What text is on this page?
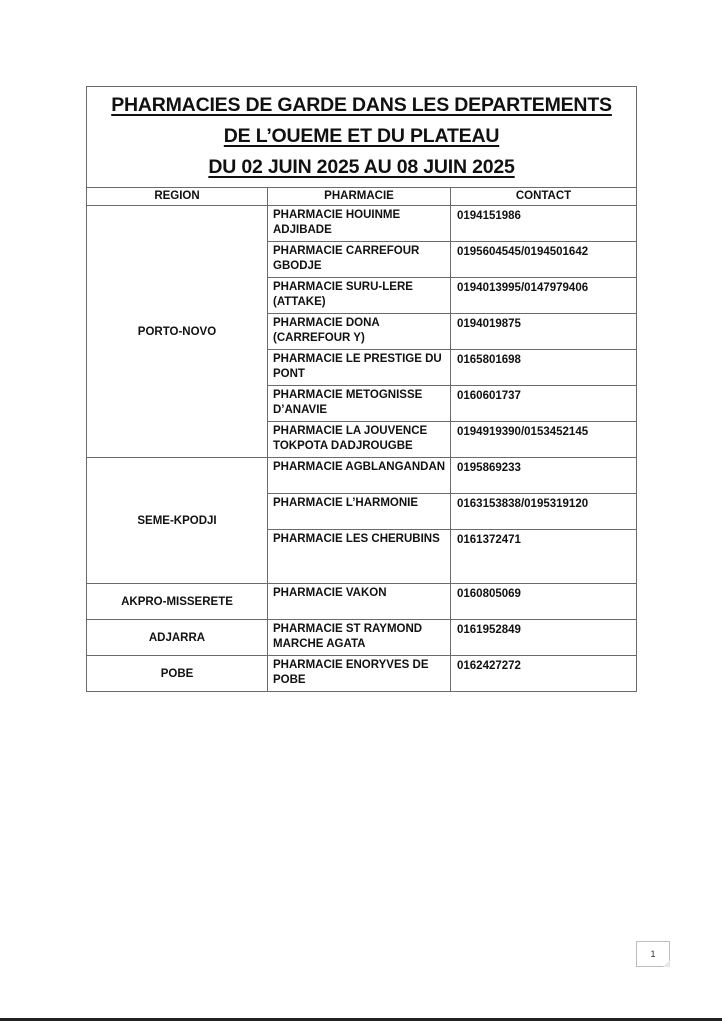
PHARMACIES DE GARDE DANS LES DEPARTEMENTS
DE L’OUEME ET DU PLATEAU
DU 02 JUIN 2025 AU 08 JUIN 2025		

REGION	PHARMACIE	CONTACT
PORTO-NOVO	PHARMACIE HOUINME ADJIBADE	0194151986
	PHARMACIE CARREFOUR GBODJE	0195604545/0194501642
	PHARMACIE SURU-LERE (ATTAKE)	0194013995/0147979406
	PHARMACIE DONA (CARREFOUR Y)	0194019875
	PHARMACIE LE PRESTIGE DU PONT	0165801698
	PHARMACIE METOGNISSE D’ANAVIE	0160601737
	PHARMACIE LA JOUVENCE TOKPOTA DADJROUGBE	0194919390/0153452145
SEME-KPODJI	PHARMACIE AGBLANGANDAN	0195869233
	PHARMACIE L’HARMONIE	0163153838/0195319120
	PHARMACIE LES CHERUBINS	0161372471
AKPRO-MISSERETE	PHARMACIE VAKON	0160805069
ADJARRA	PHARMACIE ST RAYMOND MARCHE AGATA	0161952849
POBE	PHARMACIE ENORYVES DE POBE	0162427272
1
